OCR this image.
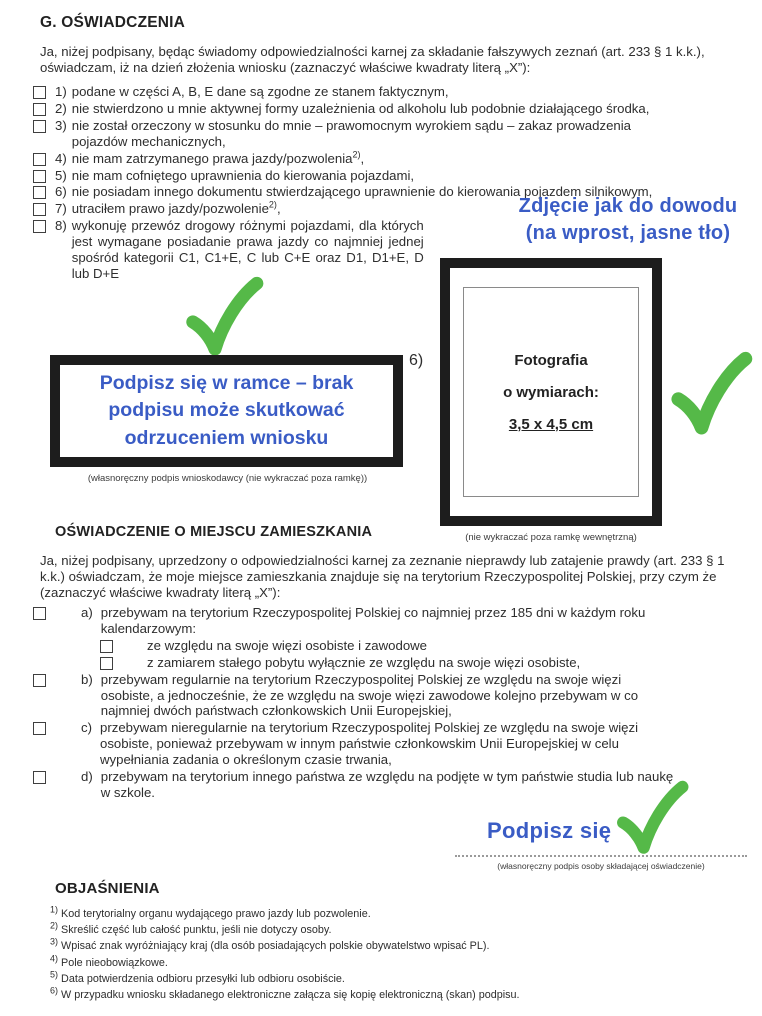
G. OŚWIADCZENIA
Ja, niżej podpisany, będąc świadomy odpowiedzialności karnej za składanie fałszywych zeznań (art. 233 § 1 k.k.), oświadczam, iż na dzień złożenia wniosku (zaznaczyć właściwe kwadraty literą „X”):
1) podane w części A, B, E dane są zgodne ze stanem faktycznym,
2) nie stwierdzono u mnie aktywnej formy uzależnienia od alkoholu lub podobnie działającego środka,
3) nie został orzeczony w stosunku do mnie – prawomocnym wyrokiem sądu – zakaz prowadzenia pojazdów mechanicznych,
4) nie mam zatrzymanego prawa jazdy/pozwolenia$^{2)}$,
5) nie mam cofniętego uprawnienia do kierowania pojazdami,
6) nie posiadam innego dokumentu stwierdzającego uprawnienie do kierowania pojazdem silnikowym,
7) utraciłem prawo jazdy/pozwolenie$^{2)}$,
8) wykonuję przewóz drogowy różnymi pojazdami, dla których jest wymagane posiadanie prawa jazdy co najmniej jednej spośród kategorii C1, C1+E, C lub C+E oraz D1, D1+E, D lub D+E
Zdjęcie jak do dowodu
(na wprost, jasne tło)
Podpisz się w ramce – brak podpisu może skutkować odrzuceniem wniosku
6)
(własnoręczny podpis wnioskodawcy (nie wykraczać poza ramkę))
Fotografia
o wymiarach:
3,5 x 4,5 cm
(nie wykraczać poza ramkę wewnętrzną)
OŚWIADCZENIE O MIEJSCU ZAMIESZKANIA
Ja, niżej podpisany, uprzedzony o odpowiedzialności karnej za zeznanie nieprawdy lub zatajenie prawdy (art. 233 § 1 k.k.) oświadczam, że moje miejsce zamieszkania znajduje się na terytorium Rzeczypospolitej Polskiej, przy czym że (zaznaczyć właściwe kwadraty literą „X”):
a) przebywam na terytorium Rzeczypospolitej Polskiej co najmniej przez 185 dni w każdym roku kalendarzowym:
ze względu na swoje więzi osobiste i zawodowe
z zamiarem stałego pobytu wyłącznie ze względu na swoje więzi osobiste,
b) przebywam regularnie na terytorium Rzeczypospolitej Polskiej ze względu na swoje więzi osobiste, a jednocześnie, że ze względu na swoje więzi zawodowe kolejno przebywam w co najmniej dwóch państwach członkowskich Unii Europejskiej,
c) przebywam nieregularnie na terytorium Rzeczypospolitej Polskiej ze względu na swoje więzi osobiste, ponieważ przebywam w innym państwie członkowskim Unii Europejskiej w celu wypełniania zadania o określonym czasie trwania,
d) przebywam na terytorium innego państwa ze względu na podjęte w tym państwie studia lub naukę w szkole.
Podpisz się
(własnoręczny podpis osoby składającej oświadczenie)
OBJAŚNIENIA
$^{1)}$ Kod terytorialny organu wydającego prawo jazdy lub pozwolenie.
$^{2)}$ Skreślić część lub całość punktu, jeśli nie dotyczy osoby.
$^{3)}$ Wpisać znak wyróżniający kraj (dla osób posiadających polskie obywatelstwo wpisać PL).
$^{4)}$ Pole nieobowiązkowe.
$^{5)}$ Data potwierdzenia odbioru przesyłki lub odbioru osobiście.
$^{6)}$ W przypadku wniosku składanego elektroniczne załącza się kopię elektroniczną (skan) podpisu.
